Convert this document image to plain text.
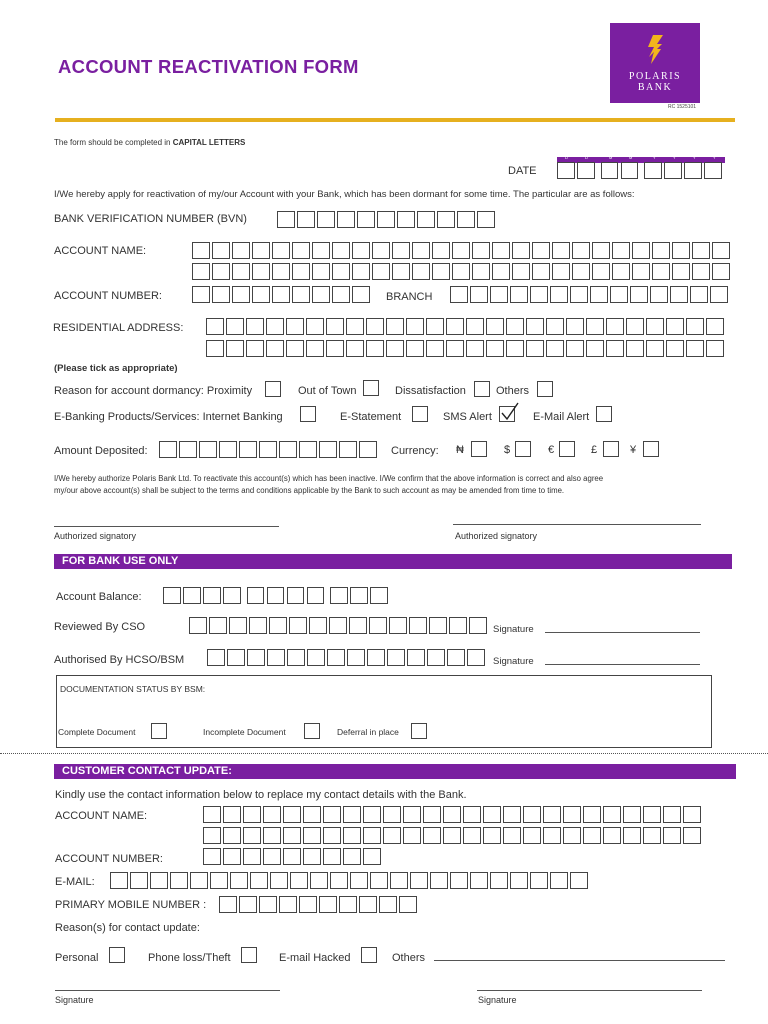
ACCOUNT REACTIVATION FORM	POLARIS
BANK
RC 1525101
The form should be completed in CAPITAL LETTERS
DATE
D	D	M	M	Y	Y	Y	Y
I/We hereby apply for reactivation of my/our Account with your Bank, which has been dormant for some time. The particular are as follows:
BANK VERIFICATION NUMBER (BVN)
ACCOUNT NAME:
ACCOUNT NUMBER:	BRANCH
RESIDENTIAL ADDRESS:
(Please tick as appropriate)
Reason for account dormancy: Proximity	Out of Town	Dissatisfaction	Others
E-Banking Products/Services: Internet Banking	E-Statement	SMS Alert	E-Mail Alert
Amount Deposited:	Currency: ₦	$	€	£	¥
I/We hereby authorize Polaris Bank Ltd. To reactivate this account(s) which has been inactive. I/We confirm that the above information is correct and also agree
my/our above account(s) shall be subject to the terms and conditions applicable by the Bank to such account as may be amended from time to time.
Authorized signatory	Authorized signatory
FOR BANK USE ONLY
Account Balance:
Reviewed By CSO	Signature
Authorised By HCSO/BSM	Signature
DOCUMENTATION STATUS BY BSM:
Complete Document	Incomplete Document	Deferral in place
CUSTOMER CONTACT UPDATE:
Kindly use the contact information below to replace my contact details with the Bank.
ACCOUNT NAME:
ACCOUNT NUMBER:
E-MAIL:
PRIMARY MOBILE NUMBER :
Reason(s) for contact update:
Personal	Phone loss/Theft	E-mail Hacked	Others
Signature	Signature
